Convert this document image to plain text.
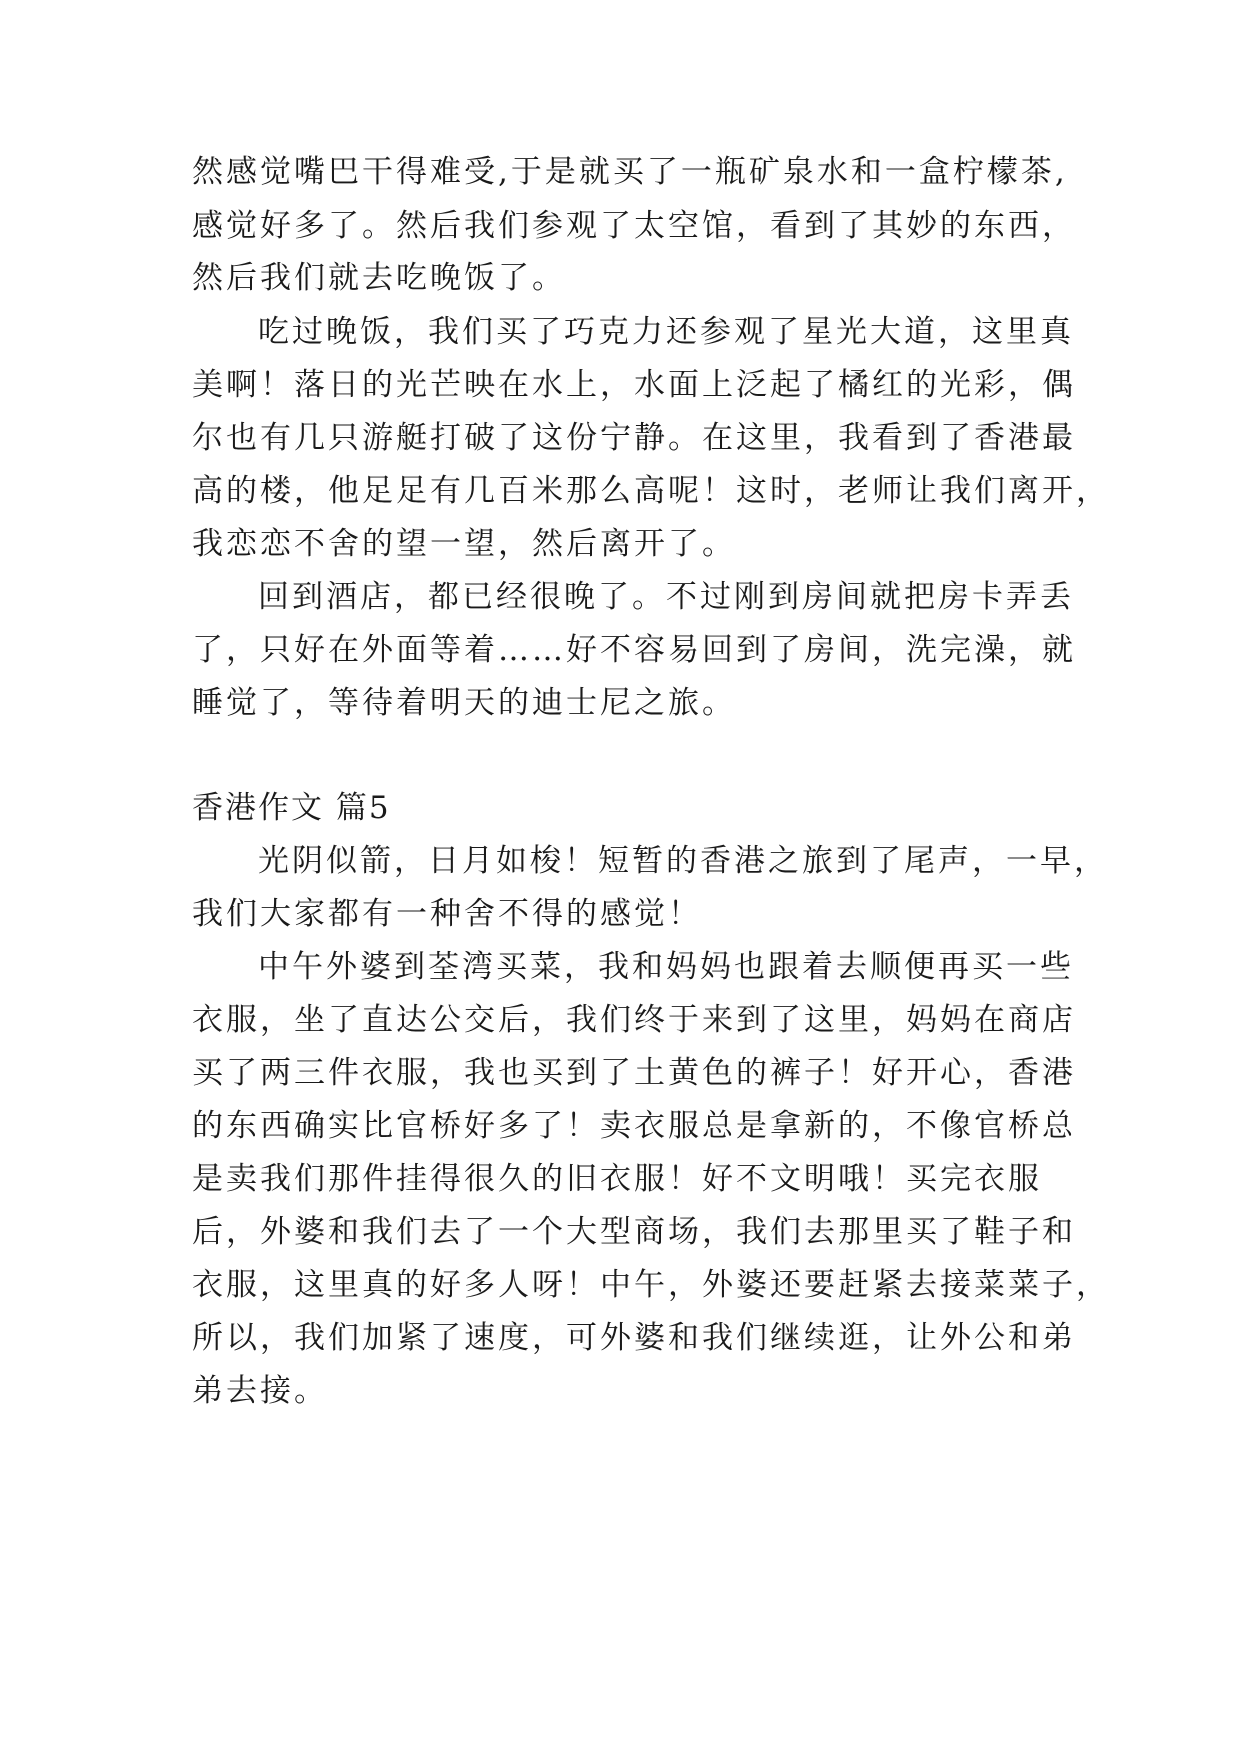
然感觉嘴巴干得难受,于是就买了一瓶矿泉水和一盒柠檬茶,
感觉好多了。然后我们参观了太空馆，看到了其妙的东西，
然后我们就去吃晚饭了。
吃过晚饭，我们买了巧克力还参观了星光大道，这里真
美啊！落日的光芒映在水上，水面上泛起了橘红的光彩，偶
尔也有几只游艇打破了这份宁静。在这里，我看到了香港最
高的楼，他足足有几百米那么高呢！这时，老师让我们离开，
我恋恋不舍的望一望，然后离开了。
回到酒店，都已经很晚了。不过刚到房间就把房卡弄丢
了，只好在外面等着……好不容易回到了房间，洗完澡，就
睡觉了，等待着明天的迪士尼之旅。
香港作文 篇5
光阴似箭，日月如梭！短暂的香港之旅到了尾声，一早，
我们大家都有一种舍不得的感觉！
中午外婆到荃湾买菜，我和妈妈也跟着去顺便再买一些
衣服，坐了直达公交后，我们终于来到了这里，妈妈在商店
买了两三件衣服，我也买到了土黄色的裤子！好开心，香港
的东西确实比官桥好多了！卖衣服总是拿新的，不像官桥总
是卖我们那件挂得很久的旧衣服！好不文明哦！买完衣服
后，外婆和我们去了一个大型商场，我们去那里买了鞋子和
衣服，这里真的好多人呀！中午，外婆还要赶紧去接菜菜子，
所以，我们加紧了速度，可外婆和我们继续逛，让外公和弟
弟去接。
